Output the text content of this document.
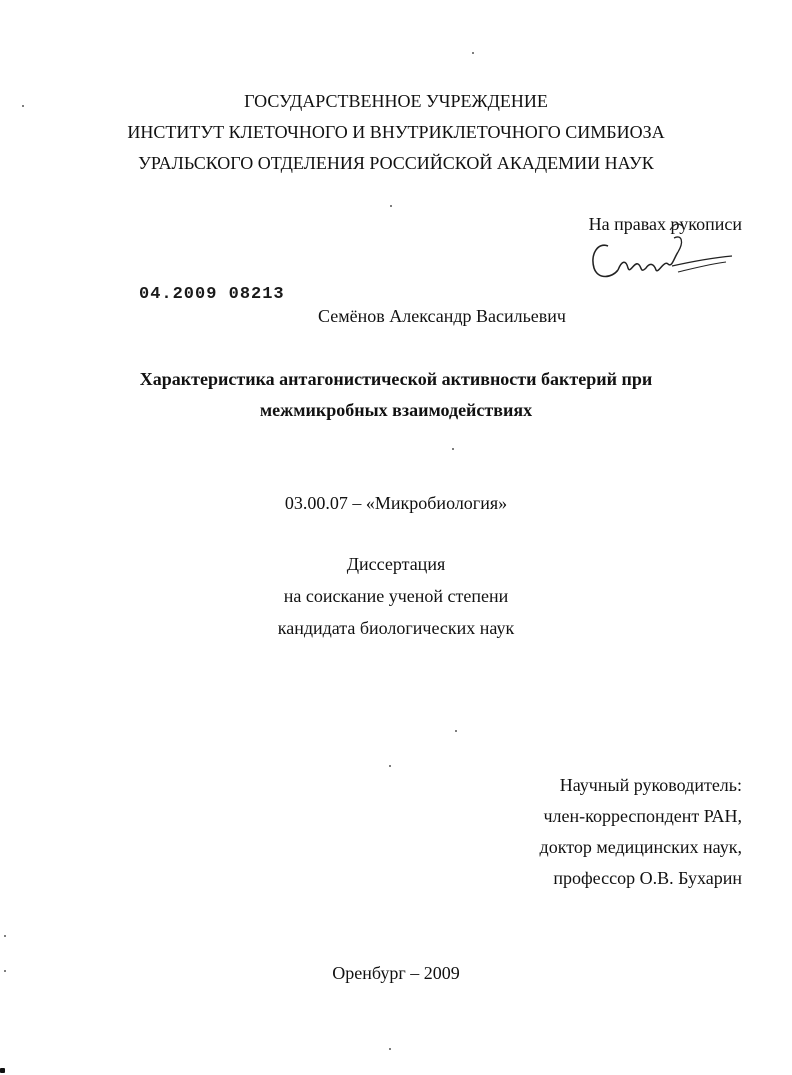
ГОСУДАРСТВЕННОЕ УЧРЕЖДЕНИЕ
ИНСТИТУТ КЛЕТОЧНОГО И ВНУТРИКЛЕТОЧНОГО СИМБИОЗА
УРАЛЬСКОГО ОТДЕЛЕНИЯ РОССИЙСКОЙ АКАДЕМИИ НАУК
На правах рукописи
04.2009 08213
Семёнов Александр Васильевич
Характеристика антагонистической активности бактерий при
межмикробных взаимодействиях
03.00.07 – «Микробиология»
Диссертация
на соискание ученой степени
кандидата биологических наук
Научный руководитель:
член-корреспондент РАН,
доктор медицинских наук,
профессор О.В. Бухарин
Оренбург – 2009
